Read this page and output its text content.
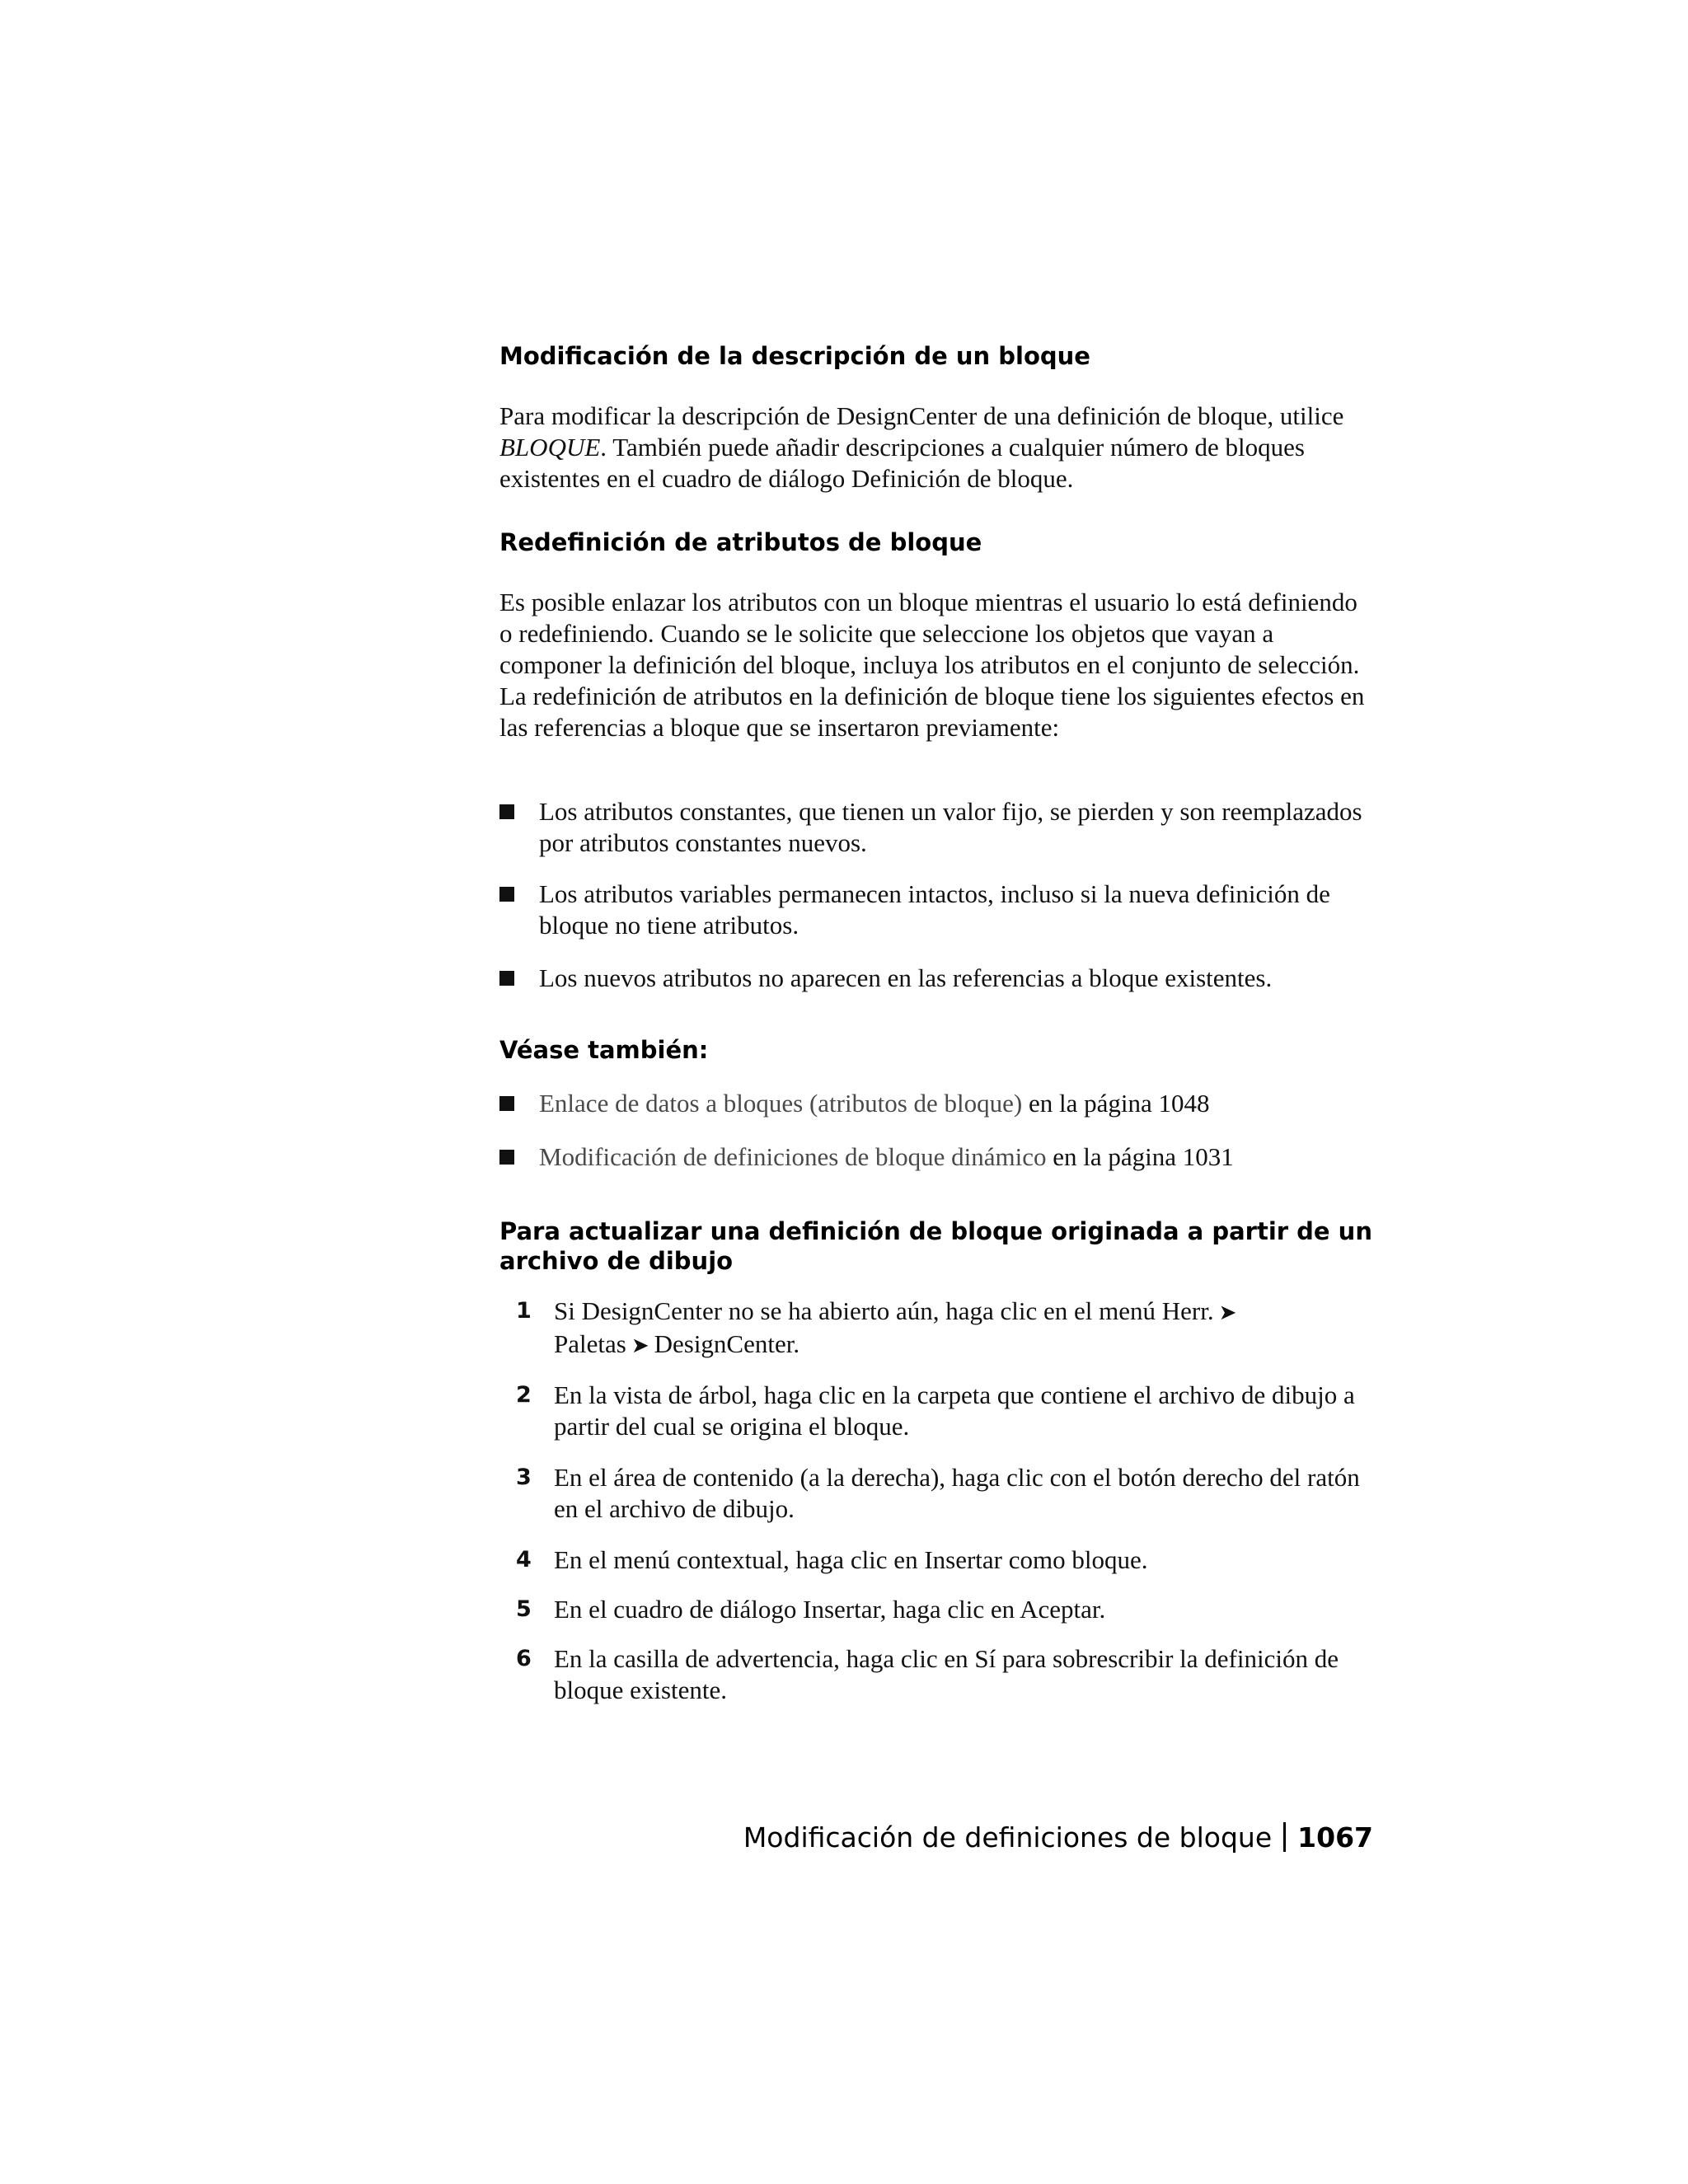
Modificación de la descripción de un bloque

Para modificar la descripción de DesignCenter de una definición de bloque, utilice BLOQUE. También puede añadir descripciones a cualquier número de bloques existentes en el cuadro de diálogo Definición de bloque.

Redefinición de atributos de bloque

Es posible enlazar los atributos con un bloque mientras el usuario lo está definiendo o redefiniendo. Cuando se le solicite que seleccione los objetos que vayan a componer la definición del bloque, incluya los atributos en el conjunto de selección. La redefinición de atributos en la definición de bloque tiene los siguientes efectos en las referencias a bloque que se insertaron previamente:

Los atributos constantes, que tienen un valor fijo, se pierden y son reemplazados por atributos constantes nuevos.
Los atributos variables permanecen intactos, incluso si la nueva definición de bloque no tiene atributos.
Los nuevos atributos no aparecen en las referencias a bloque existentes.
Véase también:
Enlace de datos a bloques (atributos de bloque) en la página 1048
Modificación de definiciones de bloque dinámico en la página 1031
Para actualizar una definición de bloque originada a partir de un archivo de dibujo
1 Si DesignCenter no se ha abierto aún, haga clic en el menú Herr. ➤
Paletas ➤ DesignCenter.
2 En la vista de árbol, haga clic en la carpeta que contiene el archivo de dibujo a partir del cual se origina el bloque.
3 En el área de contenido (a la derecha), haga clic con el botón derecho del ratón en el archivo de dibujo.
4 En el menú contextual, haga clic en Insertar como bloque.
5 En el cuadro de diálogo Insertar, haga clic en Aceptar.
6 En la casilla de advertencia, haga clic en Sí para sobrescribir la definición de bloque existente.
Modificación de definiciones de bloque 1067
